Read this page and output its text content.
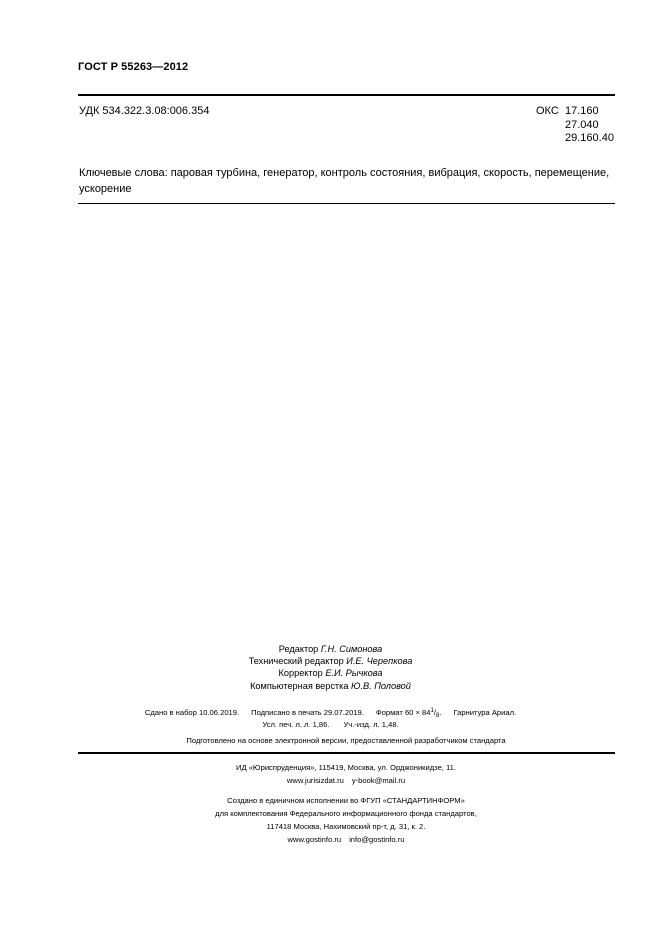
ГОСТ Р 55263—2012
УДК 534.322.3.08:006.354	ОКС 17.160
27.040
29.160.40
Ключевые слова: паровая турбина, генератор, контроль состояния, вибрация, скорость, перемещение, ускорение
Редактор Г.Н. Симонова
Технический редактор И.Е. Черепкова
Корректор Е.И. Рычкова
Компьютерная верстка Ю.В. Половой
Сдано в набор 10.06.2019. Подписано в печать 29.07.2019. Формат $60 \times 84^1/_8$. Гарнитура Ариал.
Усл. печ. л. л. 1,86. Уч.-изд. л. 1,48.
Подготовлено на основе электронной версии, предоставленной разработчиком стандарта
ИД «Юриспруденция», 115419, Москва, ул. Орджоникидзе, 11.
www.jurisizdat.ru y-book@mail.ru
Создано в единичном исполнении во ФГУП «СТАНДАРТИНФОРМ»
для комплектования Федерального информационного фонда стандартов,
117418 Москва, Нахимовский пр-т, д. 31, к. 2.
www.gostinfo.ru info@gostinfo.ru
